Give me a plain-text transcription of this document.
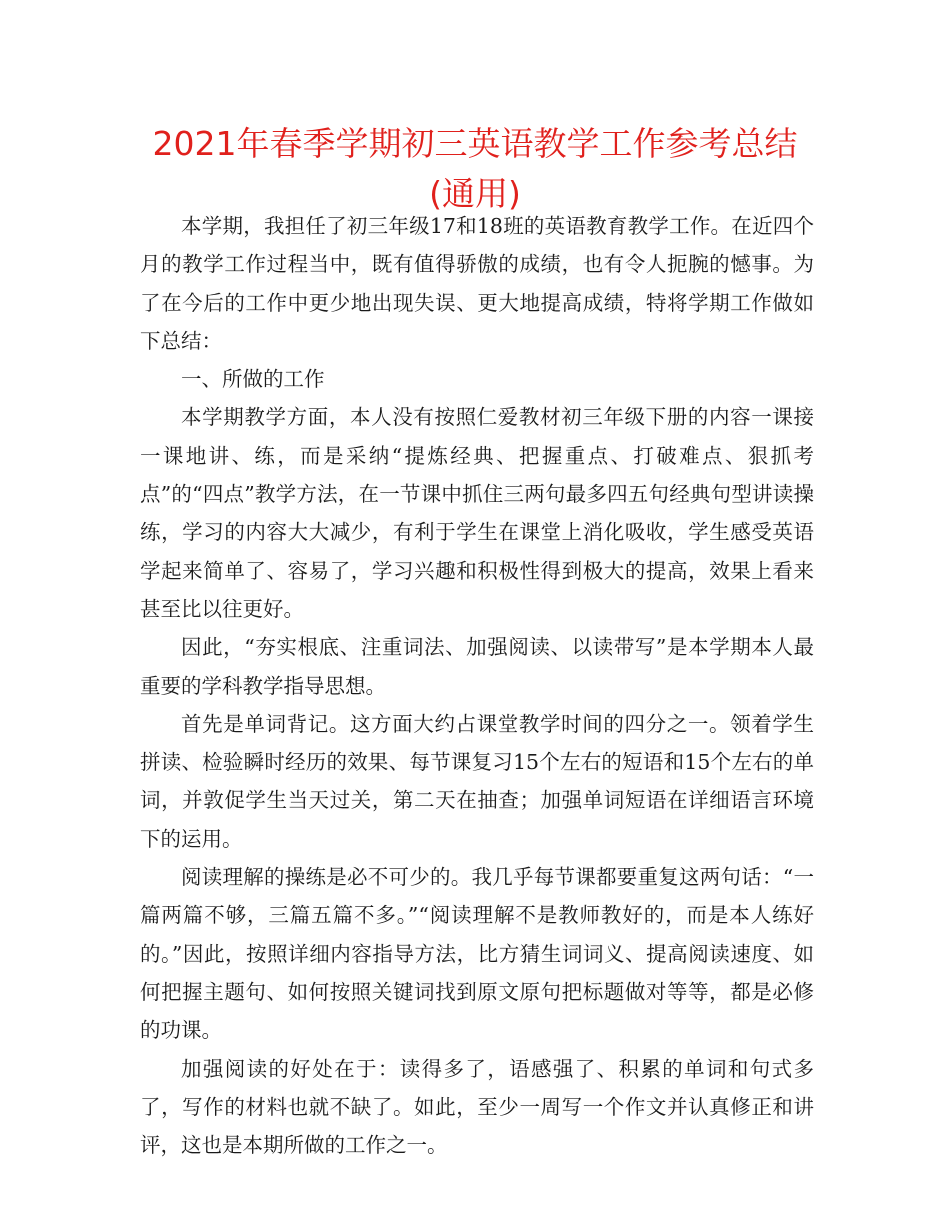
2021年春季学期初三英语教学工作参考总结
(通用)

本学期，我担任了初三年级17和18班的英语教育教学工作。在近四个月的教学工作过程当中，既有值得骄傲的成绩，也有令人扼腕的憾事。为了在今后的工作中更少地出现失误、更大地提高成绩，特将学期工作做如下总结：

一、所做的工作

本学期教学方面，本人没有按照仁爱教材初三年级下册的内容一课接一课地讲、练，而是采纳“提炼经典、把握重点、打破难点、狠抓考点”的“四点”教学方法，在一节课中抓住三两句最多四五句经典句型讲读操练，学习的内容大大减少，有利于学生在课堂上消化吸收，学生感受英语学起来简单了、容易了，学习兴趣和积极性得到极大的提高，效果上看来甚至比以往更好。

因此，“夯实根底、注重词法、加强阅读、以读带写”是本学期本人最重要的学科教学指导思想。

首先是单词背记。这方面大约占课堂教学时间的四分之一。领着学生拼读、检验瞬时经历的效果、每节课复习15个左右的短语和15个左右的单词，并敦促学生当天过关，第二天在抽查；加强单词短语在详细语言环境下的运用。

阅读理解的操练是必不可少的。我几乎每节课都要重复这两句话：“一篇两篇不够，三篇五篇不多。”“阅读理解不是教师教好的，而是本人练好的。”因此，按照详细内容指导方法，比方猜生词词义、提高阅读速度、如何把握主题句、如何按照关键词找到原文原句把标题做对等等，都是必修的功课。

加强阅读的好处在于：读得多了，语感强了、积累的单词和句式多了，写作的材料也就不缺了。如此，至少一周写一个作文并认真修正和讲评，这也是本期所做的工作之一。
